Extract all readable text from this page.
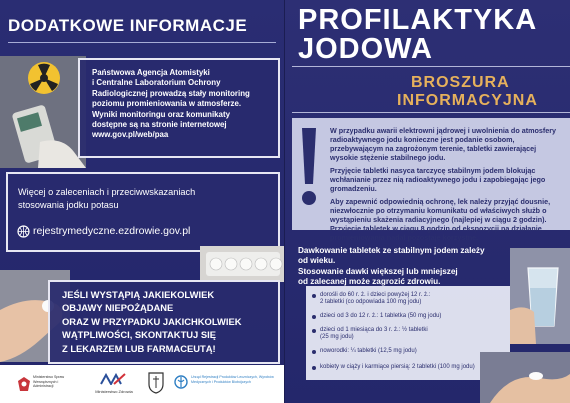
DODATKOWE INFORMACJE
Państwowa Agencja Atomistyki
i Centralne Laboratorium Ochrony
Radiologicznej prowadzą stały monitoring
poziomu promieniowania w atmosferze.
Wyniki monitoringu oraz komunikaty
dostępne są na stronie internetowej
www.gov.pl/web/paa
Więcej o zaleceniach i przeciwwskazaniach
stosowania jodku potasu
rejestrymedyczne.ezdrowie.gov.pl
JEŚLI WYSTĄPIĄ JAKIEKOLWIEK
OBJAWY NIEPOŻĄDANE
ORAZ W PRZYPADKU JAKICHKOLWIEK
WĄTPLIWOŚCI, SKONTAKTUJ SIĘ
Z LEKARZEM LUB FARMACEUTĄ!
Ministerstwo Spraw Wewnętrznych i Administracji
Ministerstwo Zdrowia
Urząd Rejestracji Produktów Leczniczych, Wyrobów Medycznych i Produktów Biobójczych
PROFILAKTYKA
JODOWA
BROSZURA
INFORMACYJNA

W przypadku awarii elektrowni jądrowej i uwolnienia do atmosfery radioaktywnego jodu konieczne jest podanie osobom, przebywającym na zagrożonym terenie, tabletki zawierającej wysokie stężenie stabilnego jodu.

Przyjęcie tabletki nasyca tarczycę stabilnym jodem blokując wchłanianie przez nią radioaktywnego jodu i zapobiegając jego gromadzeniu.

Aby zapewnić odpowiednią ochronę, lek należy przyjąć dousnie, niezwłocznie po otrzymaniu komunikatu od właściwych służb o wystąpieniu skażenia radiacyjnego (najlepiej w ciągu 2 godzin). Przyjęcie tabletek w ciągu 8 godzin od ekspozycji na działanie promieniowania nadal pozostaje korzystne.

Dawkowanie tabletek ze stabilnym jodem zależy
od wieku.
Stosowanie dawki większej lub mniejszej
od zalecanej może zagrozić zdrowiu.
dorośli do 60 r. ż. i dzieci powyżej 12 r. ż.:
2 tabletki (co odpowiada 100 mg jodu)
dzieci od 3 do 12 r. ż.: 1 tabletka (50 mg jodu)
dzieci od 1 miesiąca do 3 r. ż.: ½ tabletki
(25 mg jodu)
noworodki: ¼ tabletki (12,5 mg jodu)
kobiety w ciąży i karmiące piersią: 2 tabletki (100 mg jodu)
